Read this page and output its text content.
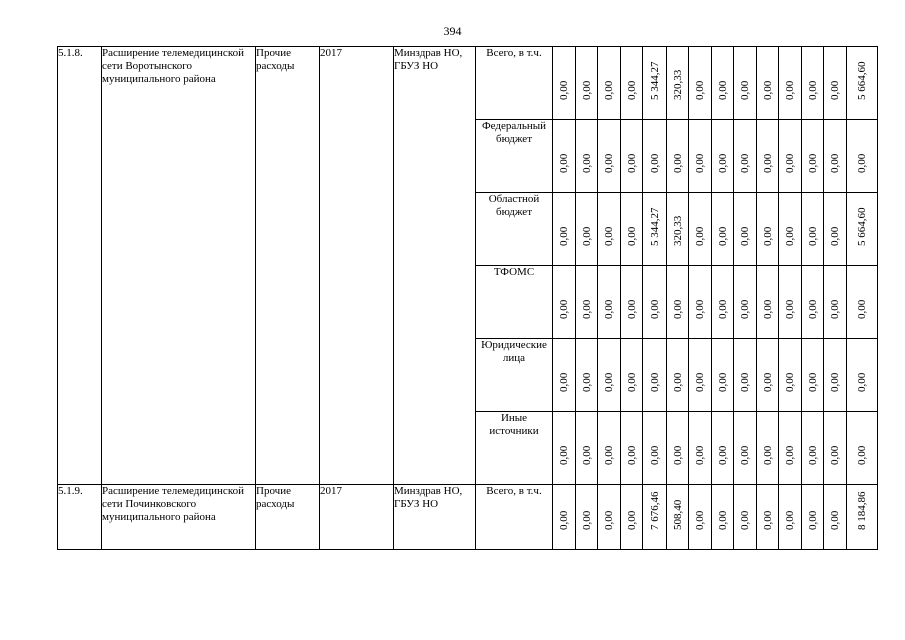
394
5.1.8.	Расширение телемедицинской сети Воротынского муниципального района	Прочие расходы	2017	Минздрав НО, ГБУЗ НО	Всего, в т.ч.	0,00	0,00	0,00	0,00	5 344,27	320,33	0,00	0,00	0,00	0,00	0,00	0,00	0,00	5 664,60

					Федеральный бюджет	0,00	0,00	0,00	0,00	0,00	0,00	0,00	0,00	0,00	0,00	0,00	0,00	0,00	0,00

					Областной бюджет	0,00	0,00	0,00	0,00	5 344,27	320,33	0,00	0,00	0,00	0,00	0,00	0,00	0,00	5 664,60

					ТФОМС	0,00	0,00	0,00	0,00	0,00	0,00	0,00	0,00	0,00	0,00	0,00	0,00	0,00	0,00

					Юридические лица	0,00	0,00	0,00	0,00	0,00	0,00	0,00	0,00	0,00	0,00	0,00	0,00	0,00	0,00

					Иные источники	0,00	0,00	0,00	0,00	0,00	0,00	0,00	0,00	0,00	0,00	0,00	0,00	0,00	0,00

5.1.9.	Расширение телемедицинской сети Починковского муниципального района	Прочие расходы	2017	Минздрав НО, ГБУЗ НО	Всего, в т.ч.	0,00	0,00	0,00	0,00	7 676,46	508,40	0,00	0,00	0,00	0,00	0,00	0,00	0,00	8 184,86
